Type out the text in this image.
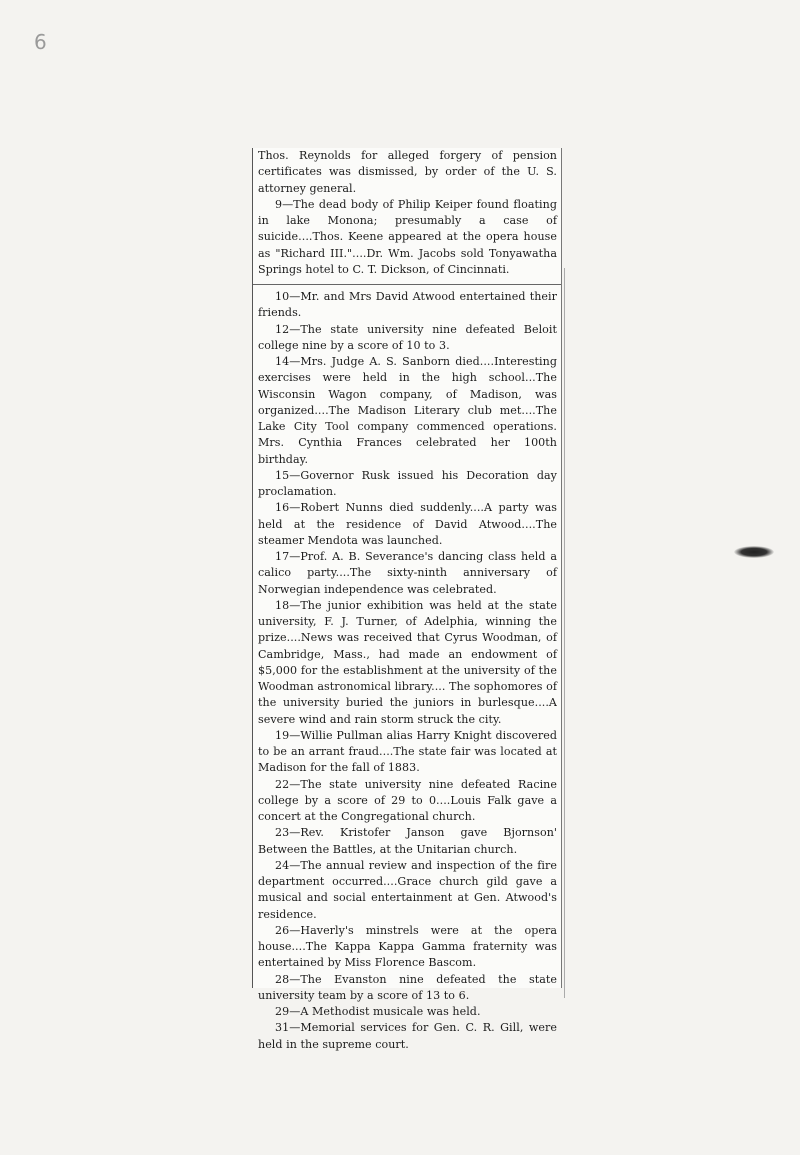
6

Thos. Reynolds for alleged forgery of pension certificates was dismissed, by order of the U. S. attorney general.

9—The dead body of Philip Keiper found floating in lake Monona; presumably a case of suicide....Thos. Keene appeared at the opera house as "Richard III."....Dr. Wm. Jacobs sold Tonyawatha Springs hotel to C. T. Dickson, of Cincinnati.

10—Mr. and Mrs David Atwood entertained their friends.

12—The state university nine defeated Beloit college nine by a score of 10 to 3.

14—Mrs. Judge A. S. Sanborn died....Interesting exercises were held in the high school...The Wisconsin Wagon company, of Madison, was organized....The Madison Literary club met....The Lake City Tool company commenced operations. Mrs. Cynthia Frances celebrated her 100th birthday.

15—Governor Rusk issued his Decoration day proclamation.

16—Robert Nunns died suddenly....A party was held at the residence of David Atwood....The steamer Mendota was launched.

17—Prof. A. B. Severance's dancing class held a calico party....The sixty-ninth anniversary of Norwegian independence was celebrated.

18—The junior exhibition was held at the state university, F. J. Turner, of Adelphia, winning the prize....News was received that Cyrus Woodman, of Cambridge, Mass., had made an endowment of $5,000 for the establishment at the university of the Woodman astronomical library.... The sophomores of the university buried the juniors in burlesque....A severe wind and rain storm struck the city.

19—Willie Pullman alias Harry Knight discovered to be an arrant fraud....The state fair was located at Madison for the fall of 1883.

22—The state university nine defeated Racine college by a score of 29 to 0....Louis Falk gave a concert at the Congregational church.

23—Rev. Kristofer Janson gave Bjornson' Between the Battles, at the Unitarian church.

24—The annual review and inspection of the fire department occurred....Grace church gild gave a musical and social entertainment at Gen. Atwood's residence.

26—Haverly's minstrels were at the opera house....The Kappa Kappa Gamma fraternity was entertained by Miss Florence Bascom.

28—The Evanston nine defeated the state university team by a score of 13 to 6.

29—A Methodist musicale was held.

31—Memorial services for Gen. C. R. Gill, were held in the supreme court.
